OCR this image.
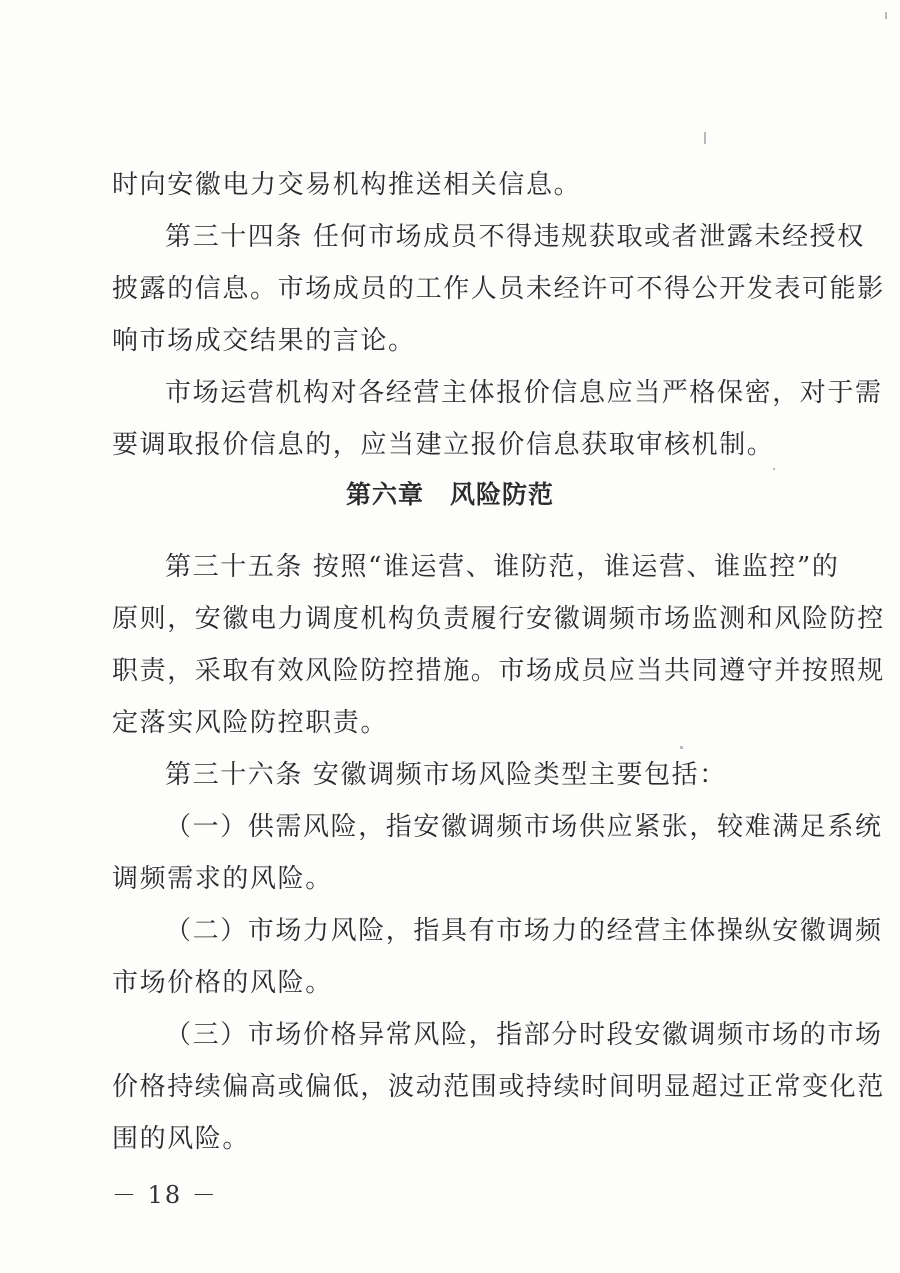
时向安徽电力交易机构推送相关信息。
第三十四条 任何市场成员不得违规获取或者泄露未经授权
披露的信息。市场成员的工作人员未经许可不得公开发表可能影
响市场成交结果的言论。
市场运营机构对各经营主体报价信息应当严格保密，对于需
要调取报价信息的，应当建立报价信息获取审核机制。
第六章　风险防范
第三十五条 按照“谁运营、谁防范，谁运营、谁监控”的
原则，安徽电力调度机构负责履行安徽调频市场监测和风险防控
职责，采取有效风险防控措施。市场成员应当共同遵守并按照规
定落实风险防控职责。
第三十六条 安徽调频市场风险类型主要包括：
（一）供需风险，指安徽调频市场供应紧张，较难满足系统
调频需求的风险。
（二）市场力风险，指具有市场力的经营主体操纵安徽调频
市场价格的风险。
（三）市场价格异常风险，指部分时段安徽调频市场的市场
价格持续偏高或偏低，波动范围或持续时间明显超过正常变化范
围的风险。
－ 18 －
